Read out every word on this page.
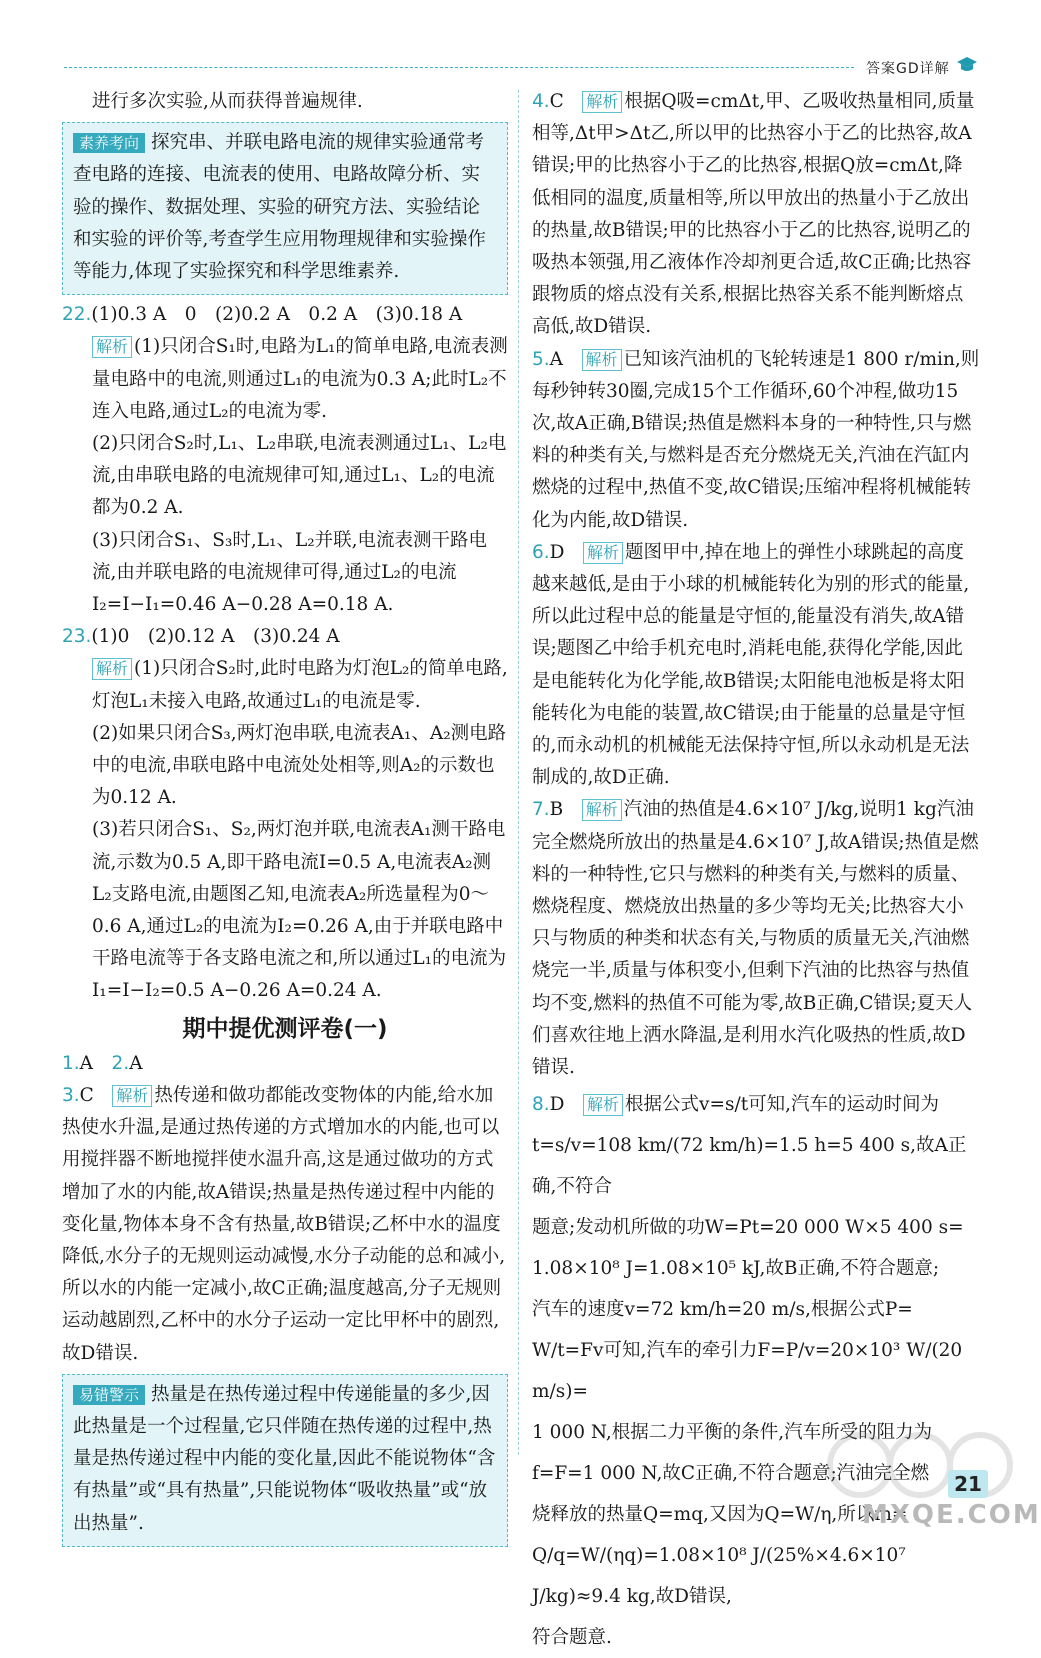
答案GD详解
进行多次实验,从而获得普遍规律.
素养考向 探究串、并联电路电流的规律实验通常考查电路的连接、电流表的使用、电路故障分析、实验的操作、数据处理、实验的研究方法、实验结论和实验的评价等,考查学生应用物理规律和实验操作等能力,体现了实验探究和科学思维素养.
22.(1)0.3 A　0　(2)0.2 A　0.2 A　(3)0.18 A
解析 (1)只闭合S₁时,电路为L₁的简单电路,电流表测量电路中的电流,则通过L₁的电流为0.3 A;此时L₂不连入电路,通过L₂的电流为零.
(2)只闭合S₂时,L₁、L₂串联,电流表测通过L₁、L₂电流,由串联电路的电流规律可知,通过L₁、L₂的电流都为0.2 A.
(3)只闭合S₁、S₃时,L₁、L₂并联,电流表测干路电流,由并联电路的电流规律可得,通过L₂的电流I₂=I−I₁=0.46 A−0.28 A=0.18 A.
23.(1)0　(2)0.12 A　(3)0.24 A
解析 (1)只闭合S₂时,此时电路为灯泡L₂的简单电路,灯泡L₁未接入电路,故通过L₁的电流是零.
(2)如果只闭合S₃,两灯泡串联,电流表A₁、A₂测电路中的电流,串联电路中电流处处相等,则A₂的示数也为0.12 A.
(3)若只闭合S₁、S₂,两灯泡并联,电流表A₁测干路电流,示数为0.5 A,即干路电流I=0.5 A,电流表A₂测L₂支路电流,由题图乙知,电流表A₂所选量程为0～0.6 A,通过L₂的电流为I₂=0.26 A,由于并联电路中干路电流等于各支路电流之和,所以通过L₁的电流为I₁=I−I₂=0.5 A−0.26 A=0.24 A.
期中提优测评卷(一)
1.A　 2.A
3.C　 解析 热传递和做功都能改变物体的内能,给水加热使水升温,是通过热传递的方式增加水的内能,也可以用搅拌器不断地搅拌使水温升高,这是通过做功的方式增加了水的内能,故A错误;热量是热传递过程中内能的变化量,物体本身不含有热量,故B错误;乙杯中水的温度降低,水分子的无规则运动减慢,水分子动能的总和减小,所以水的内能一定减小,故C正确;温度越高,分子无规则运动越剧烈,乙杯中的水分子运动一定比甲杯中的剧烈,故D错误.
易错警示 热量是在热传递过程中传递能量的多少,因此热量是一个过程量,它只伴随在热传递的过程中,热量是热传递过程中内能的变化量,因此不能说物体“含有热量”或“具有热量”,只能说物体“吸收热量”或“放出热量”.
4.C　 解析 根据Q吸=cmΔt,甲、乙吸收热量相同,质量相等,Δt甲>Δt乙,所以甲的比热容小于乙的比热容,故A错误;甲的比热容小于乙的比热容,根据Q放=cmΔt,降低相同的温度,质量相等,所以甲放出的热量小于乙放出的热量,故B错误;甲的比热容小于乙的比热容,说明乙的吸热本领强,用乙液体作冷却剂更合适,故C正确;比热容跟物质的熔点没有关系,根据比热容关系不能判断熔点高低,故D错误.
5.A　 解析 已知该汽油机的飞轮转速是1 800 r/min,则每秒钟转30圈,完成15个工作循环,60个冲程,做功15次,故A正确,B错误;热值是燃料本身的一种特性,只与燃料的种类有关,与燃料是否充分燃烧无关,汽油在汽缸内燃烧的过程中,热值不变,故C错误;压缩冲程将机械能转化为内能,故D错误.
6.D　 解析 题图甲中,掉在地上的弹性小球跳起的高度越来越低,是由于小球的机械能转化为别的形式的能量,所以此过程中总的能量是守恒的,能量没有消失,故A错误;题图乙中给手机充电时,消耗电能,获得化学能,因此是电能转化为化学能,故B错误;太阳能电池板是将太阳能转化为电能的装置,故C错误;由于能量的总量是守恒的,而永动机的机械能无法保持守恒,所以永动机是无法制成的,故D正确.
7.B　 解析 汽油的热值是4.6×10⁷ J/kg,说明1 kg汽油完全燃烧所放出的热量是4.6×10⁷ J,故A错误;热值是燃料的一种特性,它只与燃料的种类有关,与燃料的质量、燃烧程度、燃烧放出热量的多少等均无关;比热容大小只与物质的种类和状态有关,与物质的质量无关,汽油燃烧完一半,质量与体积变小,但剩下汽油的比热容与热值均不变,燃料的热值不可能为零,故B正确,C错误;夏天人们喜欢往地上洒水降温,是利用水汽化吸热的性质,故D错误.
8.D　 解析 根据公式v=s/t可知,汽车的运动时间为
t=s/v=108 km/(72 km/h)=1.5 h=5 400 s,故A正确,不符合
题意;发动机所做的功W=Pt=20 000 W×5 400 s=
1.08×10⁸ J=1.08×10⁵ kJ,故B正确,不符合题意;
汽车的速度v=72 km/h=20 m/s,根据公式P=
W/t=Fv可知,汽车的牵引力F=P/v=20×10³ W/(20 m/s)=
1 000 N,根据二力平衡的条件,汽车所受的阻力为
f=F=1 000 N,故C正确,不符合题意;汽油完全燃
烧释放的热量Q=mq,又因为Q=W/η,所以m=
Q/q=W/(ηq)=1.08×10⁸ J/(25%×4.6×10⁷ J/kg)≈9.4 kg,故D错误,
符合题意.
MXQE.COM
21
